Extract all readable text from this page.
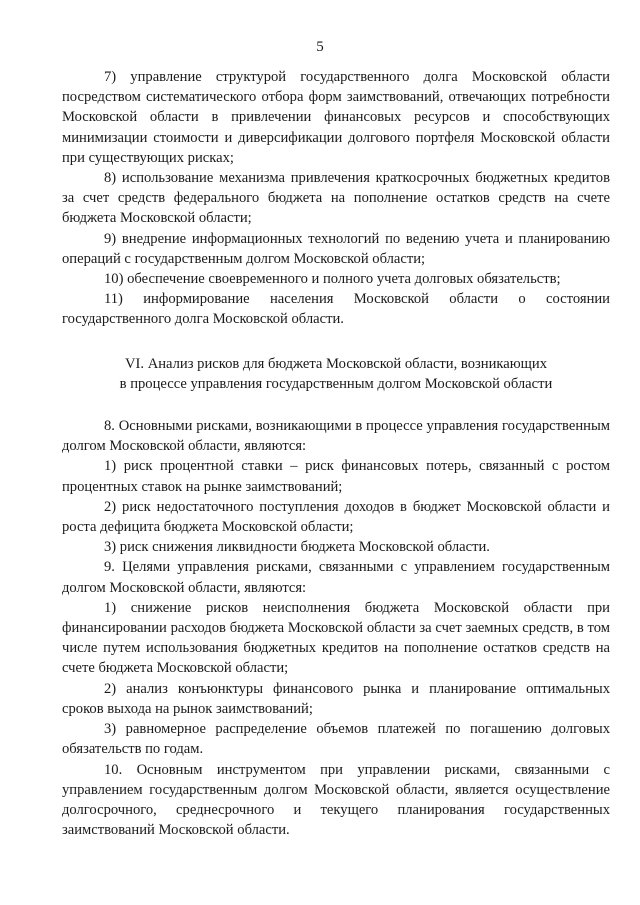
5

7) управление структурой государственного долга Московской области посредством систематического отбора форм заимствований, отвечающих потребности Московской области в привлечении финансовых ресурсов и способствующих минимизации стоимости и диверсификации долгового портфеля Московской области при существующих рисках;

8) использование механизма привлечения краткосрочных бюджетных кредитов за счет средств федерального бюджета на пополнение остатков средств на счете бюджета Московской области;

9) внедрение информационных технологий по ведению учета и планированию операций с государственным долгом Московской области;

10) обеспечение своевременного и полного учета долговых обязательств;

11) информирование населения Московской области о состоянии государственного долга Московской области.

VI. Анализ рисков для бюджета Московской области, возникающих

в процессе управления государственным долгом Московской области

8. Основными рисками, возникающими в процессе управления государственным долгом Московской области, являются:

1) риск процентной ставки – риск финансовых потерь, связанный с ростом процентных ставок на рынке заимствований;

2) риск недостаточного поступления доходов в бюджет Московской области и роста дефицита бюджета Московской области;

3) риск снижения ликвидности бюджета Московской области.

9. Целями управления рисками, связанными с управлением государственным долгом Московской области, являются:

1) снижение рисков неисполнения бюджета Московской области при финансировании расходов бюджета Московской области за счет заемных средств, в том числе путем использования бюджетных кредитов на пополнение остатков средств на счете бюджета Московской области;

2) анализ конъюнктуры финансового рынка и планирование оптимальных сроков выхода на рынок заимствований;

3) равномерное распределение объемов платежей по погашению долговых обязательств по годам.

10. Основным инструментом при управлении рисками, связанными с управлением государственным долгом Московской области, является осуществление долгосрочного, среднесрочного и текущего планирования государственных заимствований Московской области.
